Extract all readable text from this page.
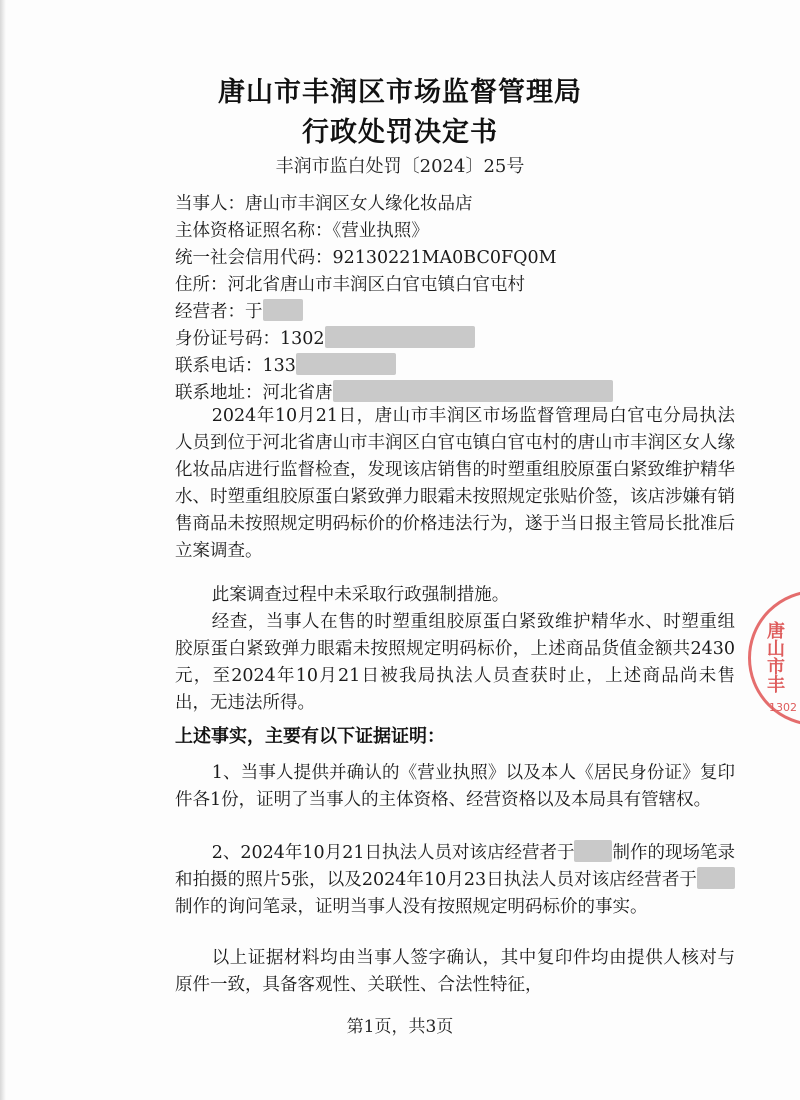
唐山市丰润区市场监督管理局
行政处罚决定书
丰润市监白处罚〔2024〕25号
当事人：唐山市丰润区女人缘化妆品店
主体资格证照名称：《营业执照》
统一社会信用代码：92130221MA0BC0FQ0M
住所：河北省唐山市丰润区白官屯镇白官屯村
经营者：于
身份证号码：1302
联系电话：133
联系地址：河北省唐

2024年10月21日，唐山市丰润区市场监督管理局白官屯分局执法人员到位于河北省唐山市丰润区白官屯镇白官屯村的唐山市丰润区女人缘化妆品店进行监督检查，发现该店销售的时塑重组胶原蛋白紧致维护精华水、时塑重组胶原蛋白紧致弹力眼霜未按照规定张贴价签，该店涉嫌有销售商品未按照规定明码标价的价格违法行为，遂于当日报主管局长批准后立案调查。

此案调查过程中未采取行政强制措施。

经查，当事人在售的时塑重组胶原蛋白紧致维护精华水、时塑重组胶原蛋白紧致弹力眼霜未按照规定明码标价，上述商品货值金额共2430元，至2024年10月21日被我局执法人员查获时止，上述商品尚未售出，无违法所得。

上述事实，主要有以下证据证明：

1、当事人提供并确认的《营业执照》以及本人《居民身份证》复印件各1份，证明了当事人的主体资格、经营资格以及本局具有管辖权。

2、2024年10月21日执法人员对该店经营者于 制作的现场笔录和拍摄的照片5张，以及2024年10月23日执法人员对该店经营者于制作的询问笔录，证明当事人没有按照规定明码标价的事实。

以上证据材料均由当事人签字确认，其中复印件均由提供人核对与原件一致，具备客观性、关联性、合法性特征，

第1页，共3页
唐山市丰
1302
